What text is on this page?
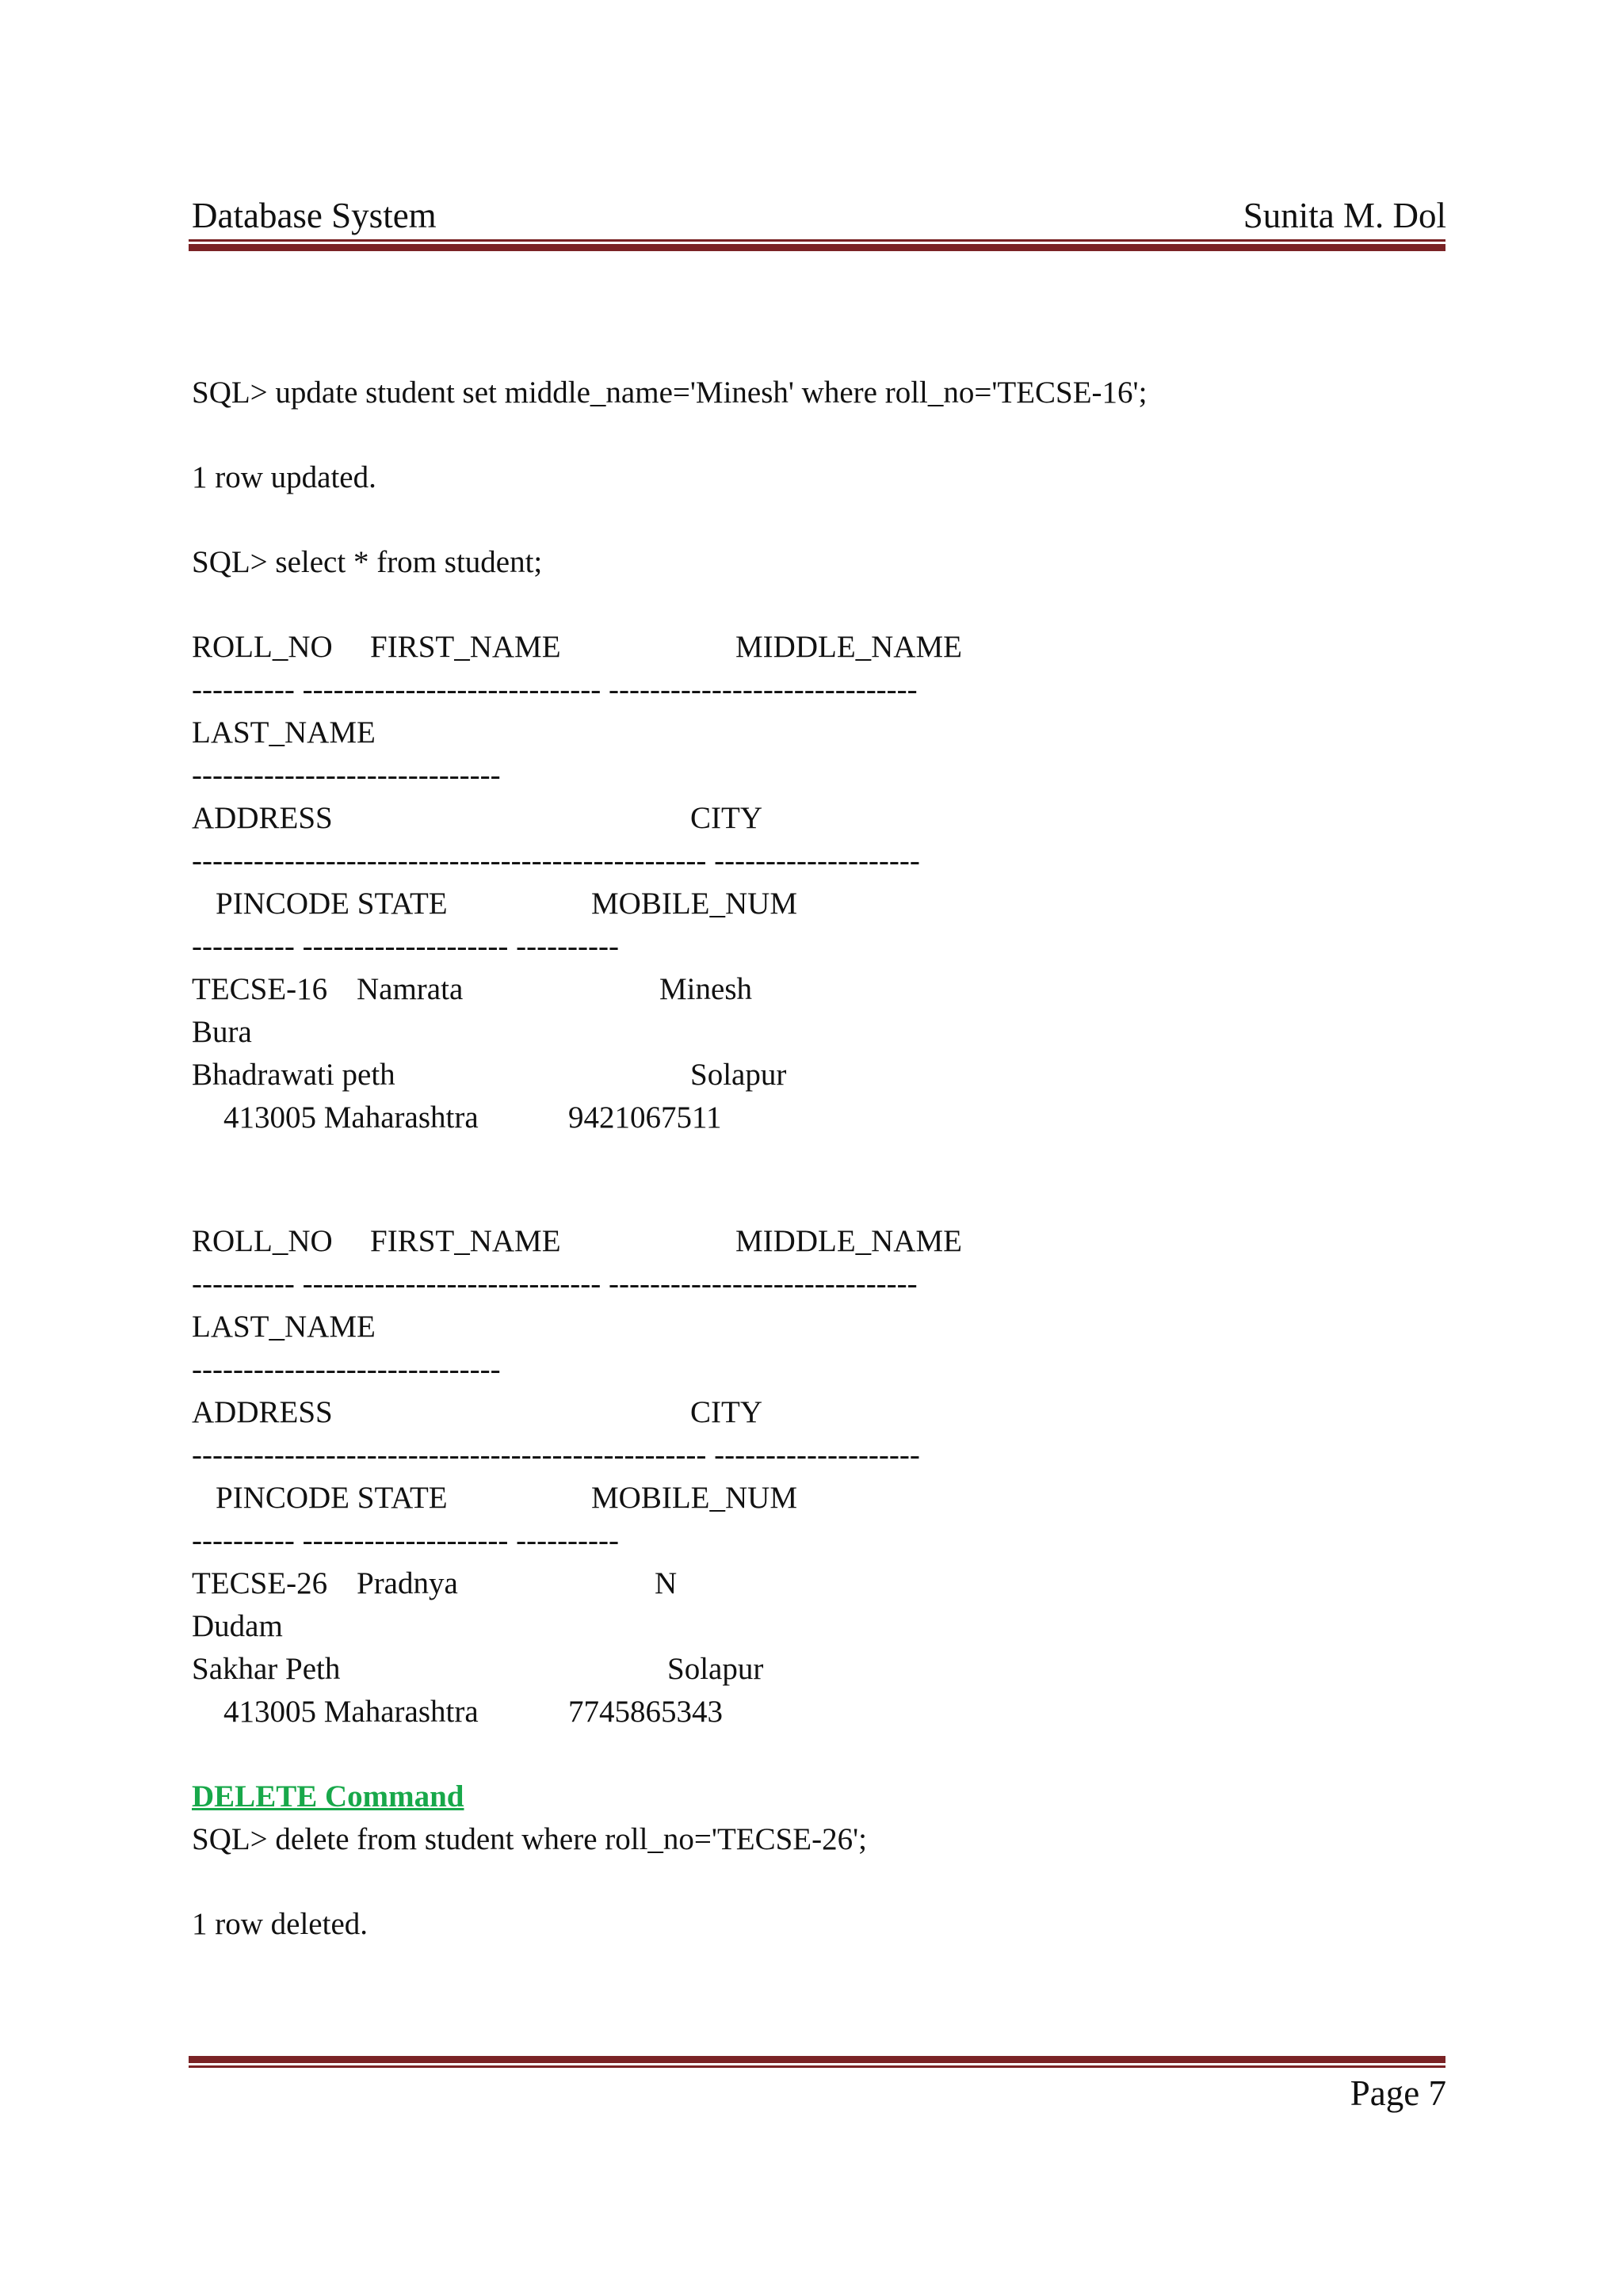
Database System	Sunita M. Dol
SQL> update student set middle_name='Minesh' where roll_no='TECSE-16';
1 row updated.
SQL> select * from student;
ROLL_NO FIRST_NAME	MIDDLE_NAME
---------- ----------------------------- ------------------------------
LAST_NAME
------------------------------
ADDRESS	CITY
-------------------------------------------------- --------------------
PINCODE STATE	MOBILE_NUM
---------- -------------------- ----------
TECSE-16 Namrata	Minesh
Bura
Bhadrawati peth	Solapur
413005 Maharashtra	9421067511
ROLL_NO FIRST_NAME	MIDDLE_NAME
---------- ----------------------------- ------------------------------
LAST_NAME
------------------------------
ADDRESS	CITY
-------------------------------------------------- --------------------
PINCODE STATE	MOBILE_NUM
---------- -------------------- ----------
TECSE-26 Pradnya	N
Dudam
Sakhar Peth	Solapur
413005 Maharashtra	7745865343
DELETE Command
SQL> delete from student where roll_no='TECSE-26';
1 row deleted.
Page 7
